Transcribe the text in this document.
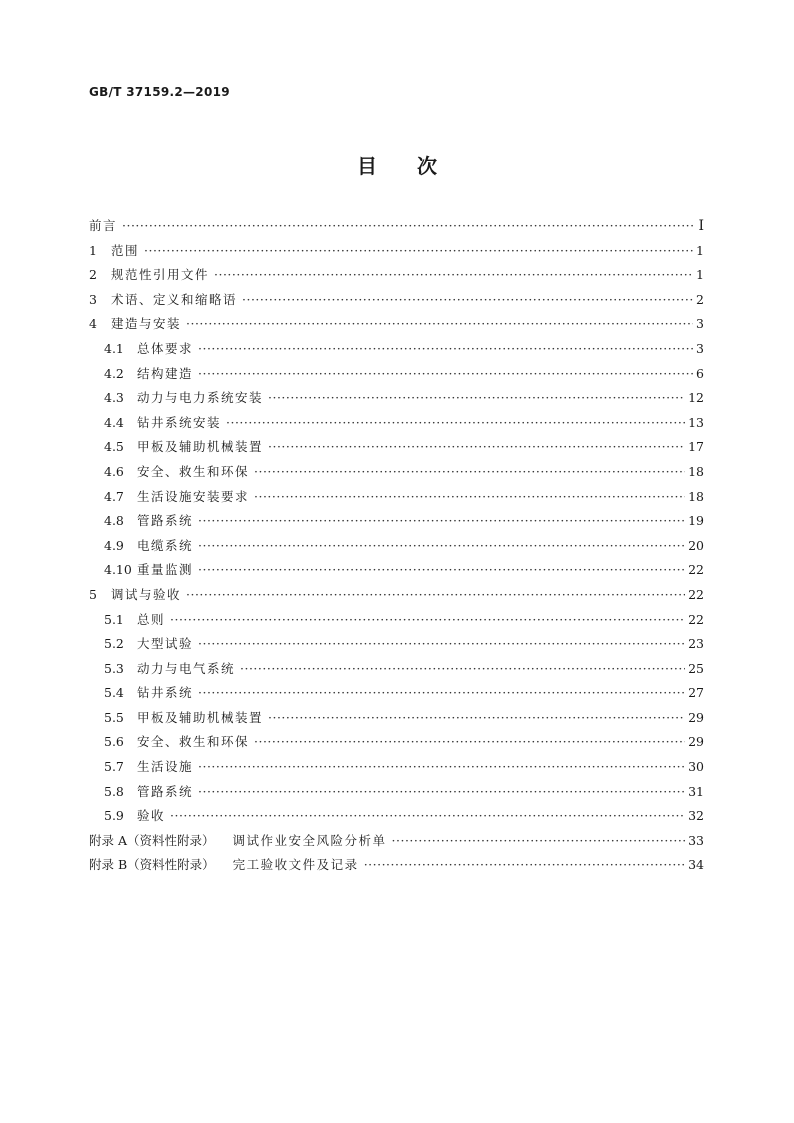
GB/T 37159.2—2019
目 次
前言 ·····	Ⅰ
1	范围 ·····	1
2	规范性引用文件 ·····	1
3	术语、定义和缩略语 ·····	2
4	建造与安装 ·····	3
4.1	总体要求 ·····	3
4.2	结构建造 ·····	6
4.3	动力与电力系统安装 ·····	12
4.4	钻井系统安装 ·····	13
4.5	甲板及辅助机械装置 ·····	17
4.6	安全、救生和环保 ·····	18
4.7	生活设施安装要求 ·····	18
4.8	管路系统 ·····	19
4.9	电缆系统 ·····	20
4.10 重量监测 ·····	22
5	调试与验收 ·····	22
5.1	总则 ·····	22
5.2	大型试验 ·····	23
5.3	动力与电气系统 ·····	25
5.4	钻井系统 ·····	27
5.5	甲板及辅助机械装置 ·····	29
5.6	安全、救生和环保 ·····	29
5.7	生活设施 ·····	30
5.8	管路系统 ·····	31
5.9	验收 ·····	32
附录 A（资料性附录） 调试作业安全风险分析单 ·····	33
附录 B（资料性附录） 完工验收文件及记录 ·····	34
